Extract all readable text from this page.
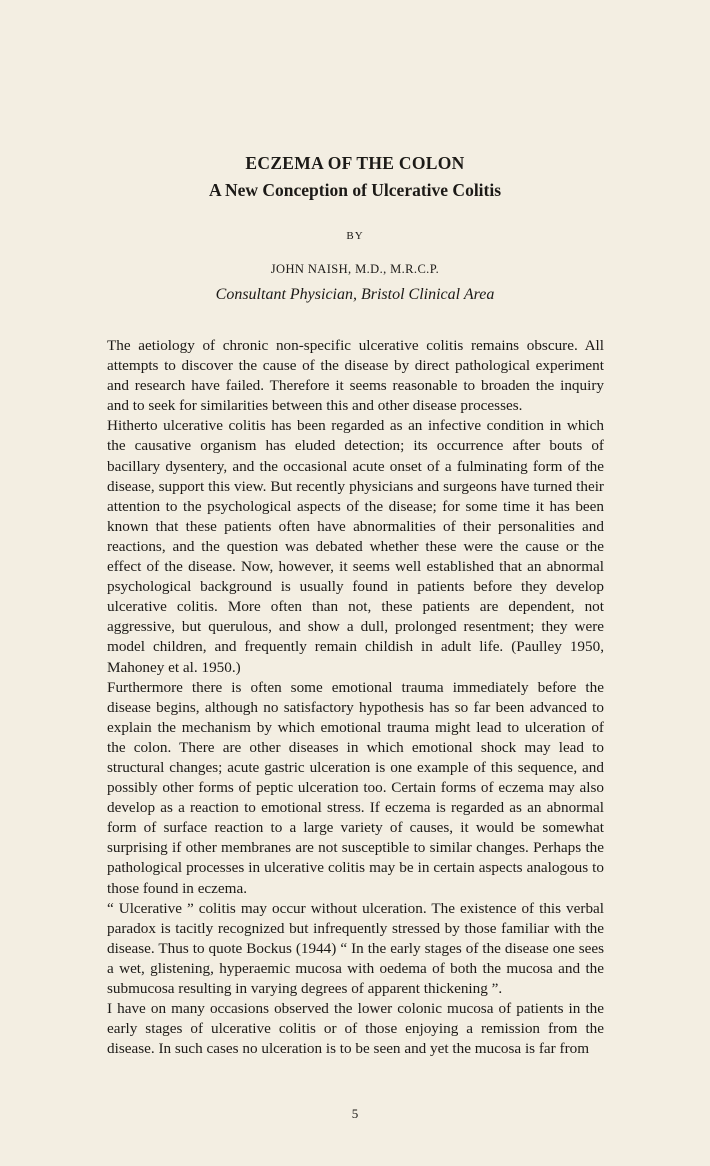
ECZEMA OF THE COLON
A New Conception of Ulcerative Colitis
BY
JOHN NAISH, M.D., M.R.C.P.
Consultant Physician, Bristol Clinical Area

The aetiology of chronic non-specific ulcerative colitis remains obscure. All attempts to discover the cause of the disease by direct pathological experiment and research have failed. Therefore it seems reasonable to broaden the inquiry and to seek for similarities between this and other disease processes.

Hitherto ulcerative colitis has been regarded as an infective condition in which the causative organism has eluded detection; its occurrence after bouts of bacillary dysentery, and the occasional acute onset of a fulminating form of the disease, support this view. But recently physicians and surgeons have turned their attention to the psychological aspects of the disease; for some time it has been known that these patients often have abnormalities of their personalities and reactions, and the question was debated whether these were the cause or the effect of the disease. Now, however, it seems well established that an abnormal psychological background is usually found in patients before they develop ulcerative colitis. More often than not, these patients are dependent, not aggressive, but querulous, and show a dull, prolonged resentment; they were model children, and frequently remain childish in adult life. (Paulley 1950, Mahoney et al. 1950.)

Furthermore there is often some emotional trauma immediately before the disease begins, although no satisfactory hypothesis has so far been advanced to explain the mechanism by which emotional trauma might lead to ulceration of the colon. There are other diseases in which emotional shock may lead to structural changes; acute gastric ulceration is one example of this sequence, and possibly other forms of peptic ulceration too. Certain forms of eczema may also develop as a reaction to emotional stress. If eczema is regarded as an abnormal form of surface reaction to a large variety of causes, it would be somewhat surprising if other membranes are not susceptible to similar changes. Perhaps the pathological processes in ulcerative colitis may be in certain aspects analogous to those found in eczema.

“ Ulcerative ” colitis may occur without ulceration. The existence of this verbal paradox is tacitly recognized but infrequently stressed by those familiar with the disease. Thus to quote Bockus (1944) “ In the early stages of the disease one sees a wet, glistening, hyperaemic mucosa with oedema of both the mucosa and the submucosa resulting in varying degrees of apparent thickening ”.

I have on many occasions observed the lower colonic mucosa of patients in the early stages of ulcerative colitis or of those enjoying a remission from the disease. In such cases no ulceration is to be seen and yet the mucosa is far from

5
